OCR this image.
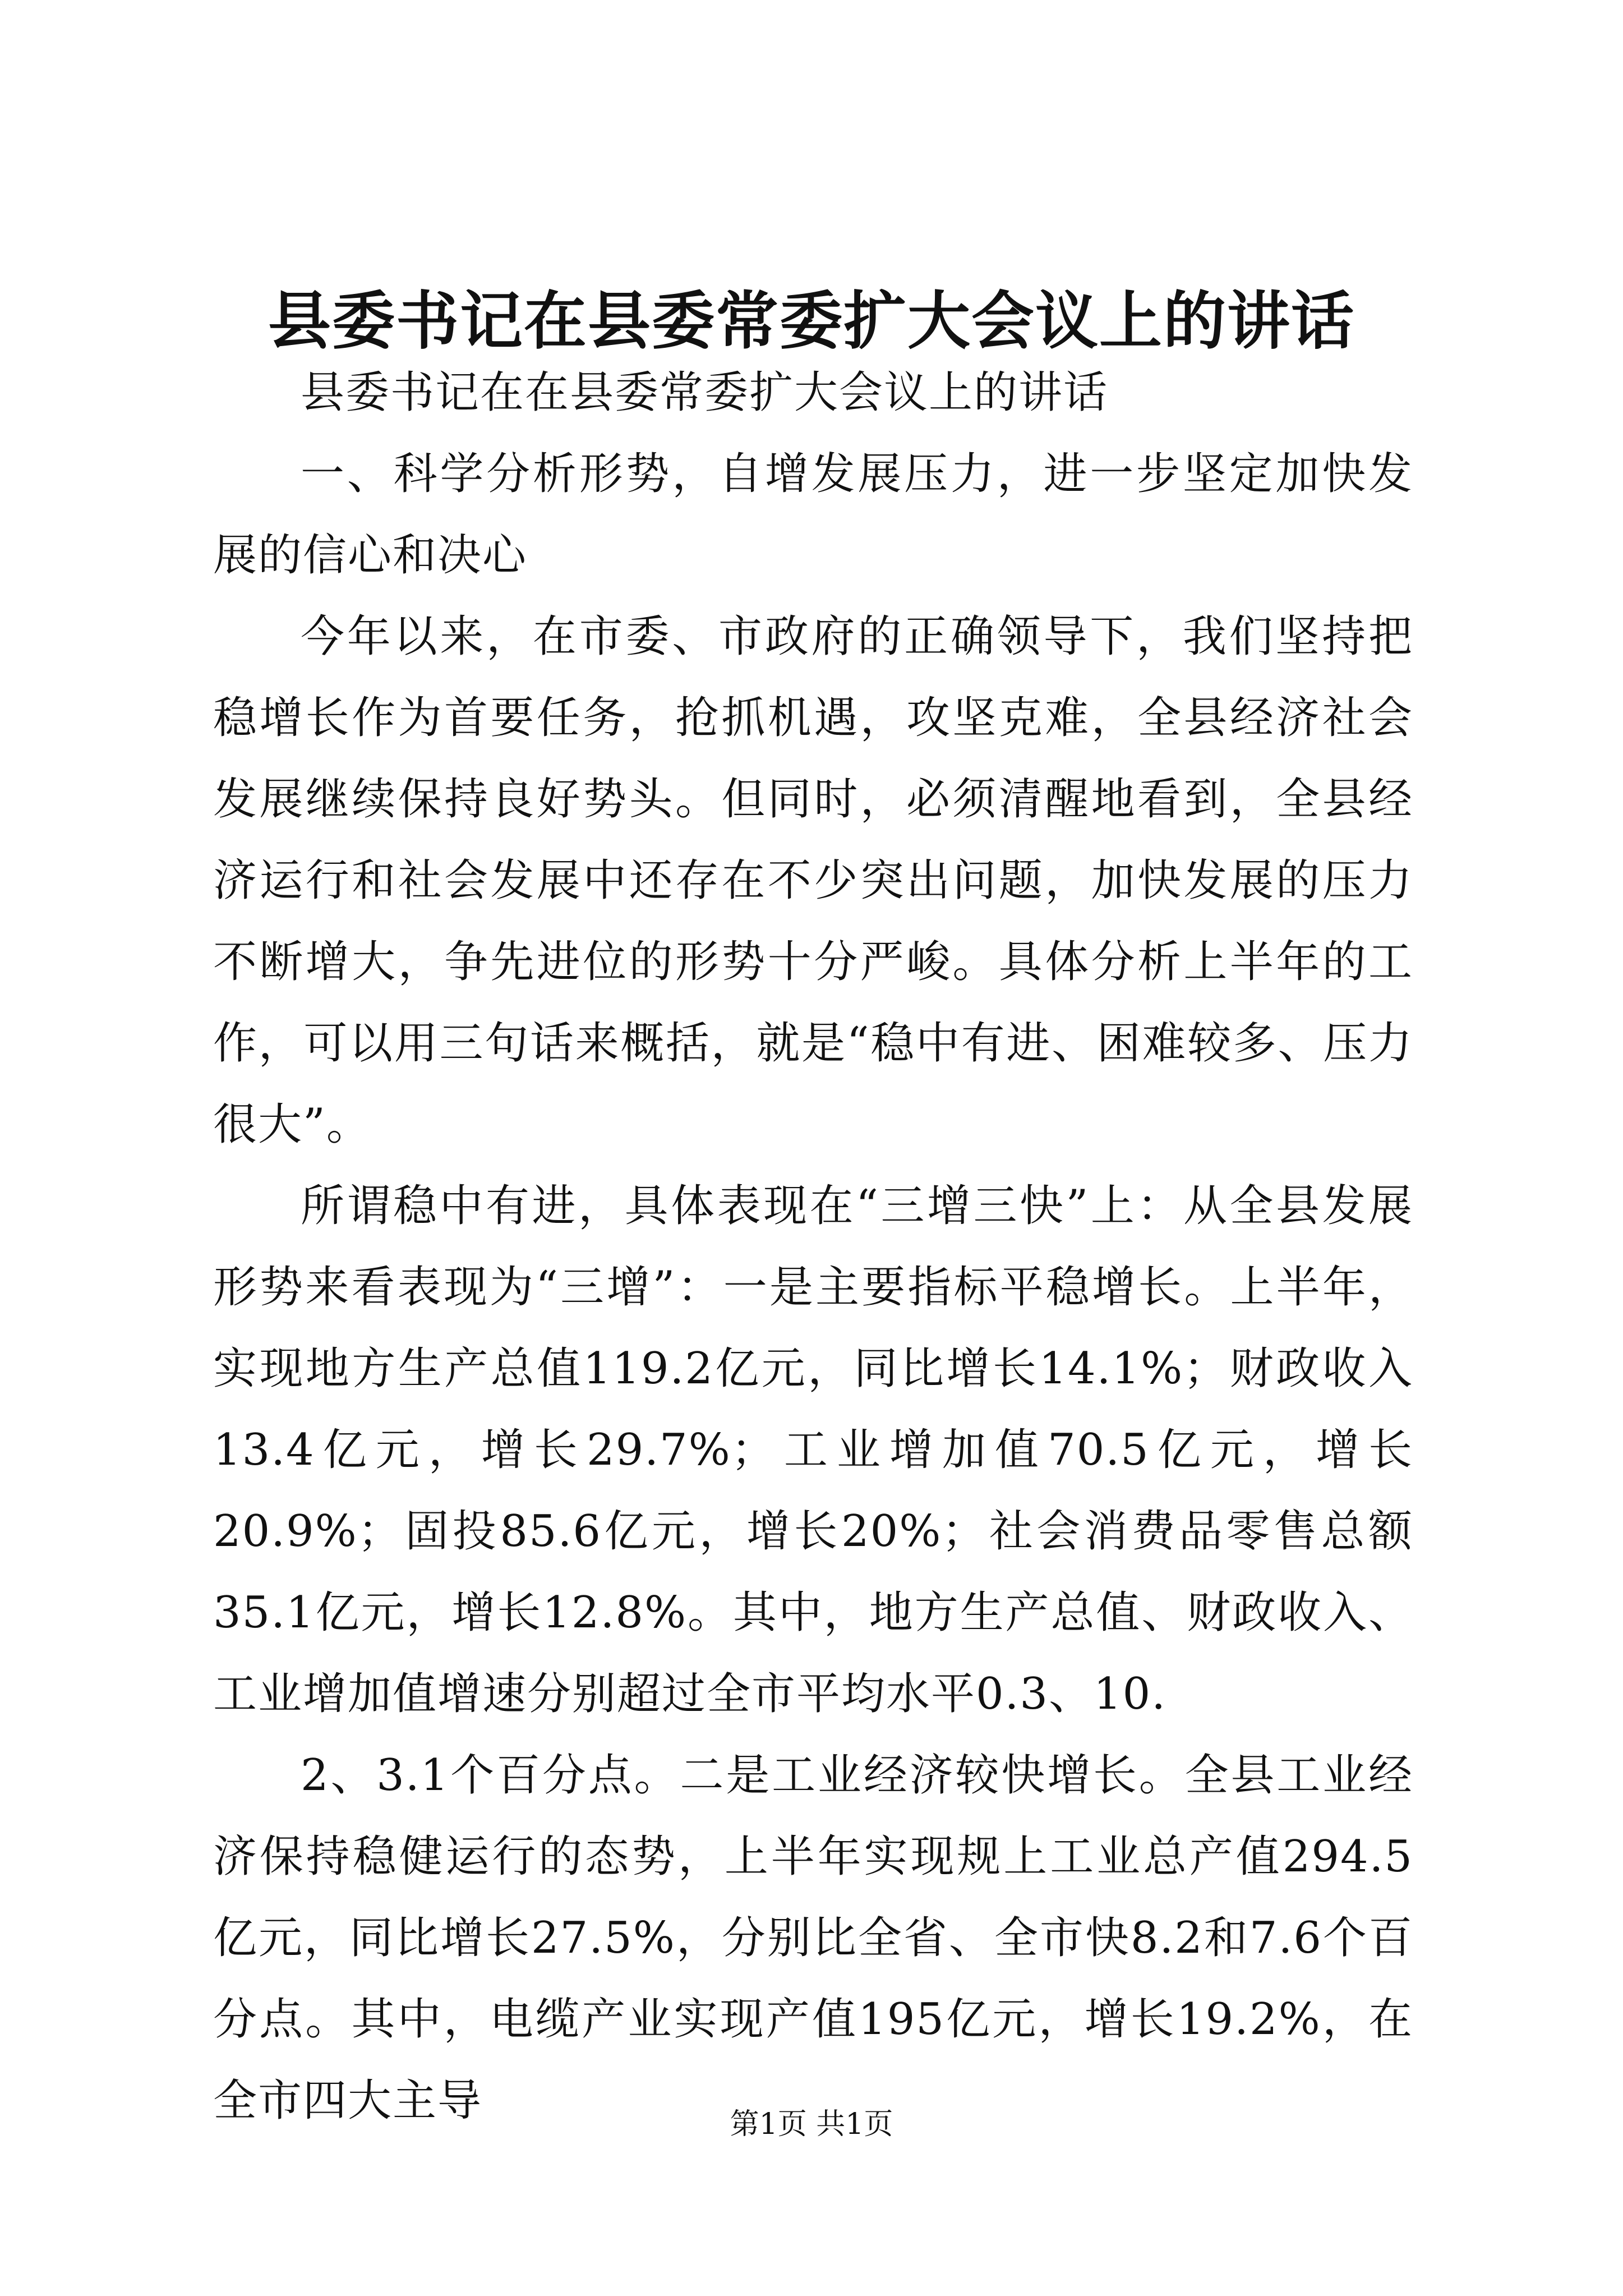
县委书记在县委常委扩大会议上的讲话

县委书记在在县委常委扩大会议上的讲话

一、科学分析形势，自增发展压力，进一步坚定加快发展的信心和决心

今年以来，在市委、市政府的正确领导下，我们坚持把稳增长作为首要任务，抢抓机遇，攻坚克难，全县经济社会发展继续保持良好势头。但同时，必须清醒地看到，全县经济运行和社会发展中还存在不少突出问题，加快发展的压力不断增大，争先进位的形势十分严峻。具体分析上半年的工作，可以用三句话来概括，就是“稳中有进、困难较多、压力很大”。

所谓稳中有进，具体表现在“三增三快”上：从全县发展形势来看表现为“三增”：一是主要指标平稳增长。上半年，实现地方生产总值119.2亿元，同比增长14.1%；财政收入13.4亿元，增长29.7%；工业增加值70.5亿元，增长20.9%；固投85.6亿元，增长20%；社会消费品零售总额35.1亿元，增长12.8%。其中，地方生产总值、财政收入、工业增加值增速分别超过全市平均水平0.3、10.

2、3.1个百分点。二是工业经济较快增长。全县工业经济保持稳健运行的态势，上半年实现规上工业总产值294.5亿元，同比增长27.5%，分别比全省、全市快8.2和7.6个百分点。其中，电缆产业实现产值195亿元，增长19.2%，在全市四大主导	第1页 共1页
